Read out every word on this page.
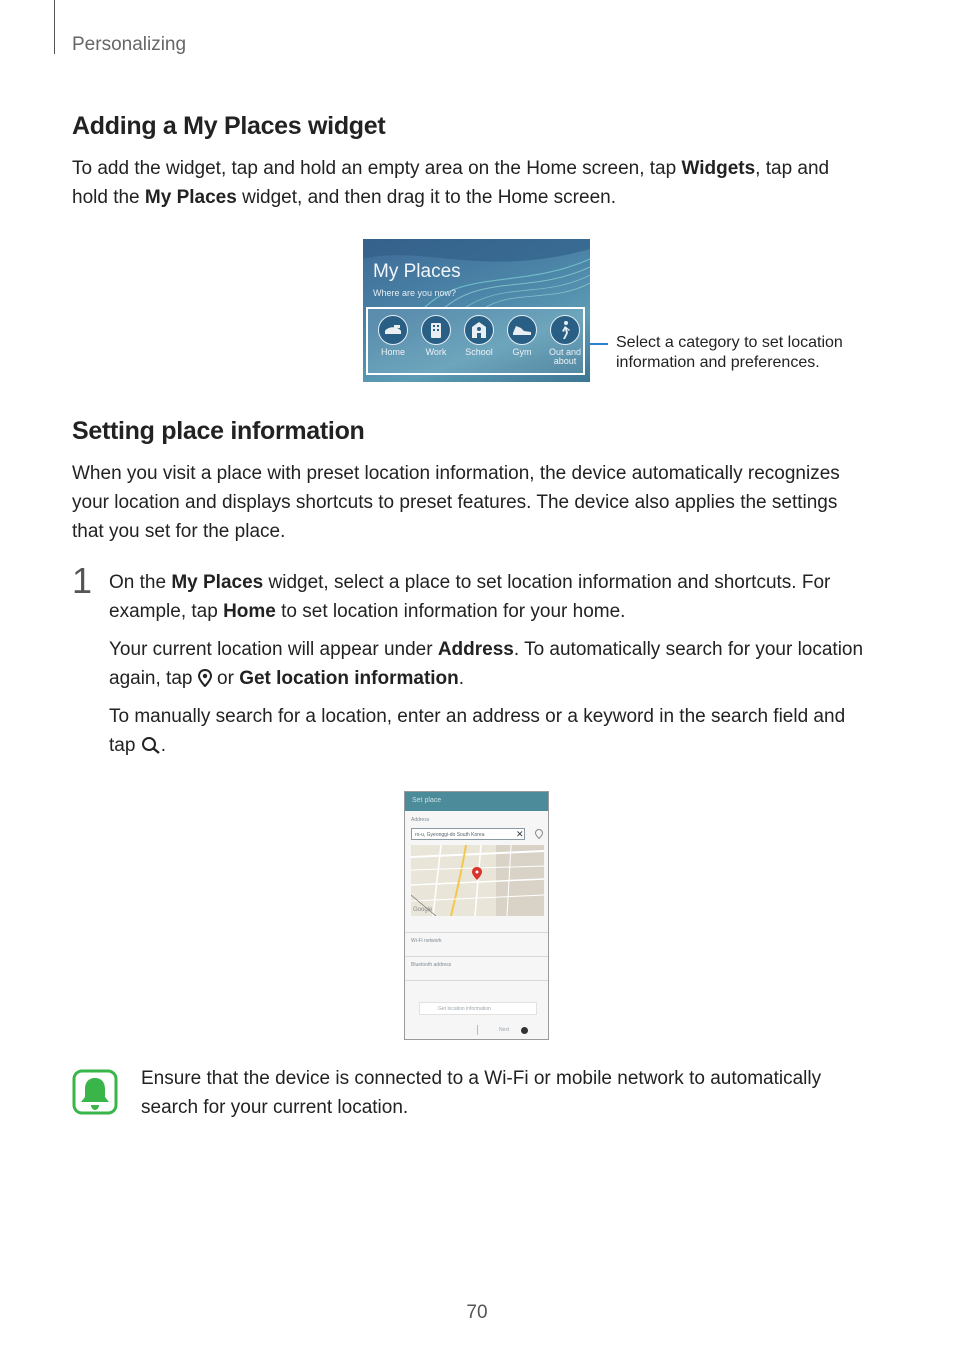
Personalizing
Adding a My Places widget
To add the widget, tap and hold an empty area on the Home screen, tap Widgets, tap and
hold the My Places widget, and then drag it to the Home screen.
My Places
Where are you now?
Home	Work	School	Gym	Out and about
Select a category to set location
information and preferences.
Setting place information
When you visit a place with preset location information, the device automatically recognizes
your location and displays shortcuts to preset features. The device also applies the settings
that you set for the place.
1 On the My Places widget, select a place to set location information and shortcuts. For
example, tap Home to set location information for your home.
Your current location will appear under Address. To automatically search for your location
again, tap  or Get location information.
To manually search for a location, enter an address or a keyword in the search field and
tap .
Set place
Address
ro-u, Gyeonggi-do South Korea	✕
Google
Wi-Fi network
Bluetooth address
Get location information
Next
Ensure that the device is connected to a Wi-Fi or mobile network to automatically
search for your current location.
70
